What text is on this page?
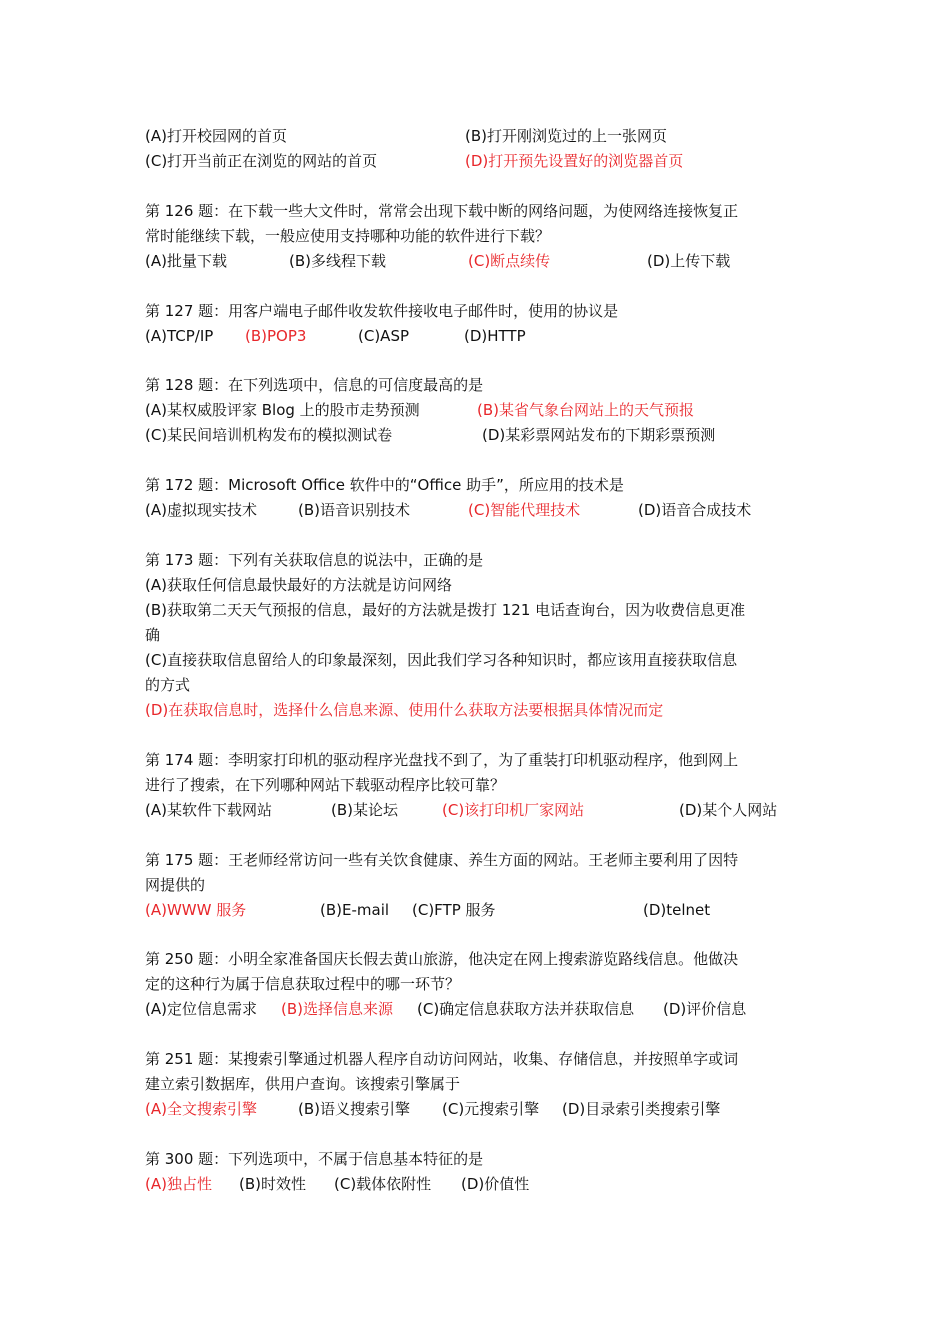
(A)打开校园网的首页	(B)打开刚浏览过的上一张网页
(C)打开当前正在浏览的网站的首页	(D)打开预先设置好的浏览器首页
第 126 题：在下载一些大文件时，常常会出现下载中断的网络问题，为使网络连接恢复正
常时能继续下载，一般应使用支持哪种功能的软件进行下载？
(A)批量下载	(B)多线程下载	(C)断点续传	(D)上传下载
第 127 题：用客户端电子邮件收发软件接收电子邮件时，使用的协议是
(A)TCP/IP (B)POP3	(C)ASP	(D)HTTP
第 128 题：在下列选项中，信息的可信度最高的是
(A)某权威股评家 Blog 上的股市走势预测	(B)某省气象台网站上的天气预报
(C)某民间培训机构发布的模拟测试卷	(D)某彩票网站发布的下期彩票预测
第 172 题：Microsoft Office 软件中的“Office 助手”，所应用的技术是
(A)虚拟现实技术	(B)语音识别技术	(C)智能代理技术	(D)语音合成技术
第 173 题：下列有关获取信息的说法中，正确的是
(A)获取任何信息最快最好的方法就是访问网络
(B)获取第二天天气预报的信息，最好的方法就是拨打 121 电话查询台，因为收费信息更准
确
(C)直接获取信息留给人的印象最深刻，因此我们学习各种知识时，都应该用直接获取信息
的方式
(D)在获取信息时，选择什么信息来源、使用什么获取方法要根据具体情况而定
第 174 题：李明家打印机的驱动程序光盘找不到了，为了重装打印机驱动程序，他到网上
进行了搜索，在下列哪种网站下载驱动程序比较可靠？
(A)某软件下载网站	(B)某论坛	(C)该打印机厂家网站	(D)某个人网站
第 175 题：王老师经常访问一些有关饮食健康、养生方面的网站。王老师主要利用了因特
网提供的
(A)WWW 服务	(B)E-mail (C)FTP 服务	(D)telnet
第 250 题：小明全家准备国庆长假去黄山旅游，他决定在网上搜索游览路线信息。他做决
定的这种行为属于信息获取过程中的哪一环节？
(A)定位信息需求 (B)选择信息来源 (C)确定信息获取方法并获取信息 (D)评价信息
第 251 题：某搜索引擎通过机器人程序自动访问网站，收集、存储信息，并按照单字或词
建立索引数据库，供用户查询。该搜索引擎属于
(A)全文搜索引擎	(B)语义搜索引擎 (C)元搜索引擎 (D)目录索引类搜索引擎
第 300 题：下列选项中，不属于信息基本特征的是
(A)独占性 (B)时效性 (C)载体依附性 (D)价值性
